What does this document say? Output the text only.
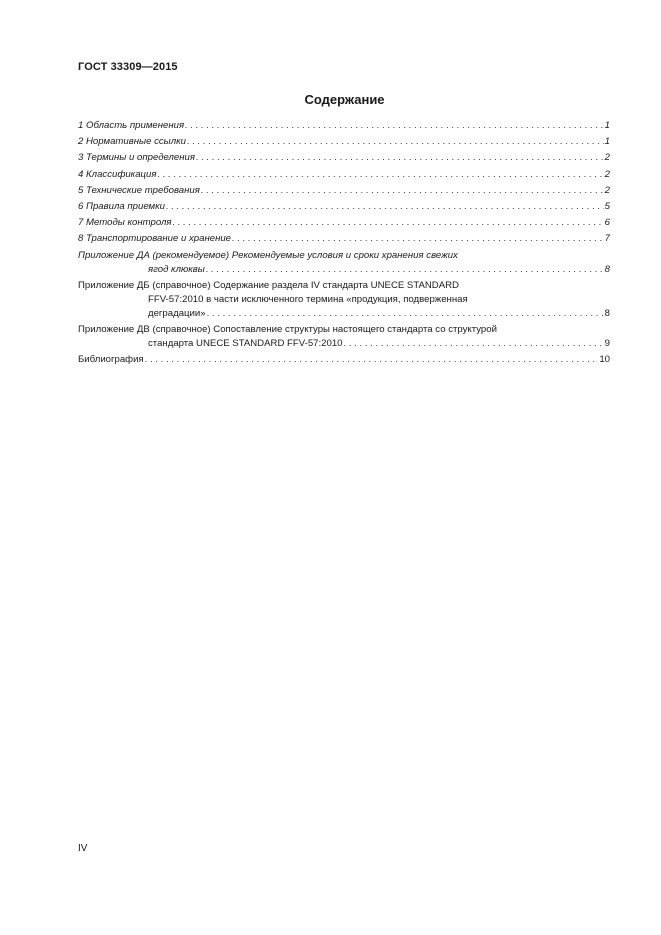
ГОСТ 33309—2015
Содержание
1 Область применения . . .	1
2 Нормативные ссылки . . .	1
3 Термины и определения . . .	2
4 Классификация . . .	2
5 Технические требования . . .	2
6 Правила приемки . . .	5
7 Методы контроля . . .	6
8 Транспортирование и хранение . . .	7
Приложение ДА (рекомендуемое) Рекомендуемые условия и сроки хранения свежих
ягод клюквы . . .	8
Приложение ДБ (справочное) Содержание раздела IV стандарта UNECE STANDARD
FFV-57:2010 в части исключенного термина «продукция, подверженная
деградации» . . .	8
Приложение ДВ (справочное) Сопоставление структуры настоящего стандарта со структурой
стандарта UNECE STANDARD FFV-57:2010 . . .	9
Библиография . . .	10
IV
